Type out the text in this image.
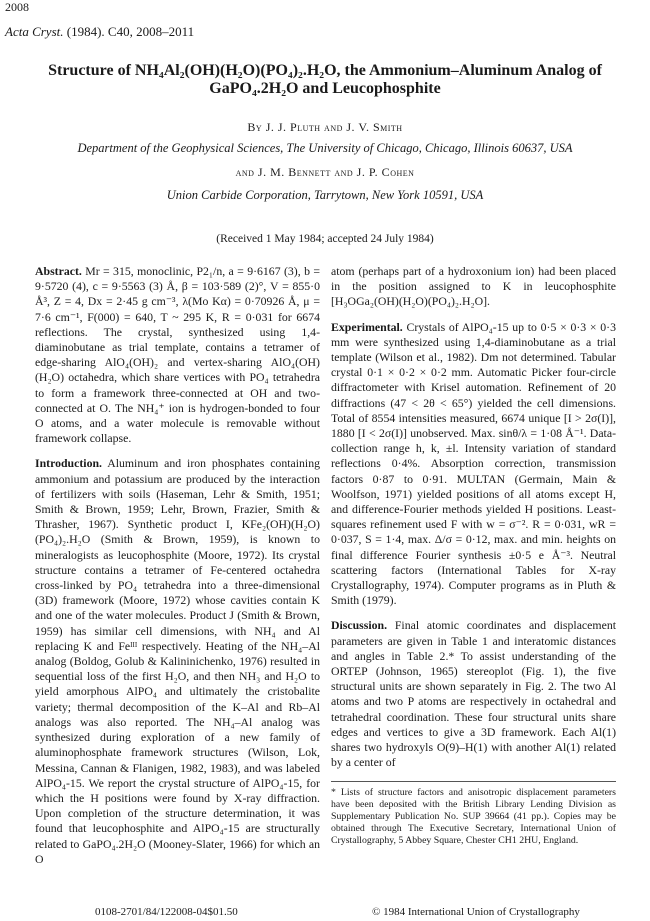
2008
Acta Cryst. (1984). C40, 2008–2011
Structure of NH₄Al₂(OH)(H₂O)(PO₄)₂.H₂O, the Ammonium–Aluminum Analog of
GaPO₄.2H₂O and Leucophosphite
By J. J. Pluth and J. V. Smith
Department of the Geophysical Sciences, The University of Chicago, Chicago, Illinois 60637, USA
and J. M. Bennett and J. P. Cohen
Union Carbide Corporation, Tarrytown, New York 10591, USA
(Received 1 May 1984; accepted 24 July 1984)

Abstract. Mr = 315, monoclinic, P2₁/n, a = 9·6167 (3), b = 9·5720 (4), c = 9·5563 (3) Å, β = 103·589 (2)°, V = 855·0 Å³, Z = 4, Dx = 2·45 g cm⁻³, λ(Mo Kα) = 0·70926 Å, μ = 7·6 cm⁻¹, F(000) = 640, T ~ 295 K, R = 0·031 for 6674 reflections. The crystal, synthesized using 1,4-diaminobutane as trial template, contains a tetramer of edge-sharing AlO₄(OH)₂ and vertex-sharing AlO₄(OH)(H₂O) octahedra, which share vertices with PO₄ tetrahedra to form a framework three-connected at OH and two-connected at O. The NH₄⁺ ion is hydrogen-bonded to four O atoms, and a water molecule is removable without framework collapse.

Introduction. Aluminum and iron phosphates containing ammonium and potassium are produced by the interaction of fertilizers with soils (Haseman, Lehr & Smith, 1951; Smith & Brown, 1959; Lehr, Brown, Frazier, Smith & Thrasher, 1967). Synthetic product I, KFe₂(OH)(H₂O)(PO₄)₂.H₂O (Smith & Brown, 1959), is known to mineralogists as leucophosphite (Moore, 1972). Its crystal structure contains a tetramer of Fe-centered octahedra cross-linked by PO₄ tetrahedra into a three-dimensional (3D) framework (Moore, 1972) whose cavities contain K and one of the water molecules. Product J (Smith & Brown, 1959) has similar cell dimensions, with NH₄ and Al replacing K and Feᴵᴵᴵ respectively. Heating of the NH₄–Al analog (Boldog, Golub & Kalininichenko, 1976) resulted in sequential loss of the first H₂O, and then NH₃ and H₂O to yield amorphous AlPO₄ and ultimately the cristobalite variety; thermal decomposition of the K–Al and Rb–Al analogs was also reported. The NH₄–Al analog was synthesized during exploration of a new family of aluminophosphate framework structures (Wilson, Lok, Messina, Cannan & Flanigen, 1982, 1983), and was labeled AlPO₄-15. We report the crystal structure of AlPO₄-15, for which the H positions were found by X-ray diffraction. Upon completion of the structure determination, it was found that leucophosphite and AlPO₄-15 are structurally related to GaPO₄.2H₂O (Mooney-Slater, 1966) for which an O

atom (perhaps part of a hydroxonium ion) had been placed in the position assigned to K in leucophosphite [H₃OGa₂(OH)(H₂O)(PO₄)₂.H₂O].

Experimental. Crystals of AlPO₄-15 up to 0·5 × 0·3 × 0·3 mm were synthesized using 1,4-diaminobutane as a trial template (Wilson et al., 1982). Dm not determined. Tabular crystal 0·1 × 0·2 × 0·2 mm. Automatic Picker four-circle diffractometer with Krisel automation. Refinement of 20 diffractions (47 < 2θ < 65°) yielded the cell dimensions. Total of 8554 intensities measured, 6674 unique [I > 2σ(I)], 1880 [I < 2σ(I)] unobserved. Max. sinθ/λ = 1·08 Å⁻¹. Data-collection range h, k, ±l. Intensity variation of standard reflections 0·4%. Absorption correction, transmission factors 0·87 to 0·91. MULTAN (Germain, Main & Woolfson, 1971) yielded positions of all atoms except H, and difference-Fourier methods yielded H positions. Least-squares refinement used F with w = σ⁻². R = 0·031, wR = 0·037, S = 1·4, max. Δ/σ = 0·12, max. and min. heights on final difference Fourier synthesis ±0·5 e Å⁻³. Neutral scattering factors (International Tables for X-ray Crystallography, 1974). Computer programs as in Pluth & Smith (1979).

Discussion. Final atomic coordinates and displacement parameters are given in Table 1 and interatomic distances and angles in Table 2.* To assist understanding of the ORTEP (Johnson, 1965) stereoplot (Fig. 1), the five structural units are shown separately in Fig. 2. The two Al atoms and two P atoms are respectively in octahedral and tetrahedral coordination. These four structural units share edges and vertices to give a 3D framework. Each Al(1) shares two hydroxyls O(9)–H(1) with another Al(1) related by a center of

* Lists of structure factors and anisotropic displacement parameters have been deposited with the British Library Lending Division as Supplementary Publication No. SUP 39664 (41 pp.). Copies may be obtained through The Executive Secretary, International Union of Crystallography, 5 Abbey Square, Chester CH1 2HU, England.
0108-2701/84/122008-04$01.50	© 1984 International Union of Crystallography
